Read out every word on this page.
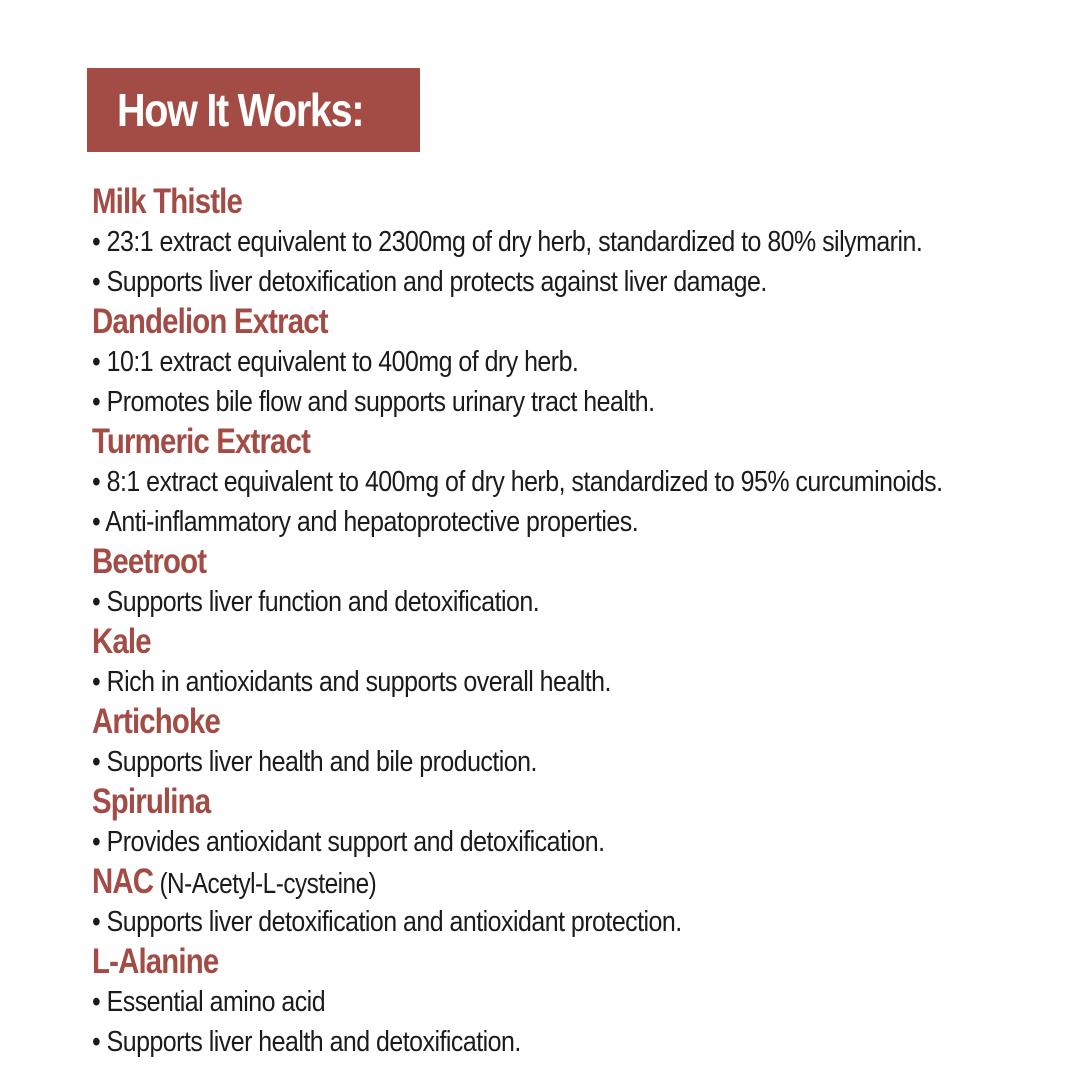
How It Works:
Milk Thistle
• 23:1 extract equivalent to 2300mg of dry herb, standardized to 80% silymarin.
• Supports liver detoxification and protects against liver damage.
Dandelion Extract
• 10:1 extract equivalent to 400mg of dry herb.
• Promotes bile flow and supports urinary tract health.
Turmeric Extract
• 8:1 extract equivalent to 400mg of dry herb, standardized to 95% curcuminoids.
• Anti-inflammatory and hepatoprotective properties.
Beetroot
• Supports liver function and detoxification.
Kale
• Rich in antioxidants and supports overall health.
Artichoke
• Supports liver health and bile production.
Spirulina
• Provides antioxidant support and detoxification.
NAC (N-Acetyl-L-cysteine)
• Supports liver detoxification and antioxidant protection.
L-Alanine
• Essential amino acid
• Supports liver health and detoxification.
